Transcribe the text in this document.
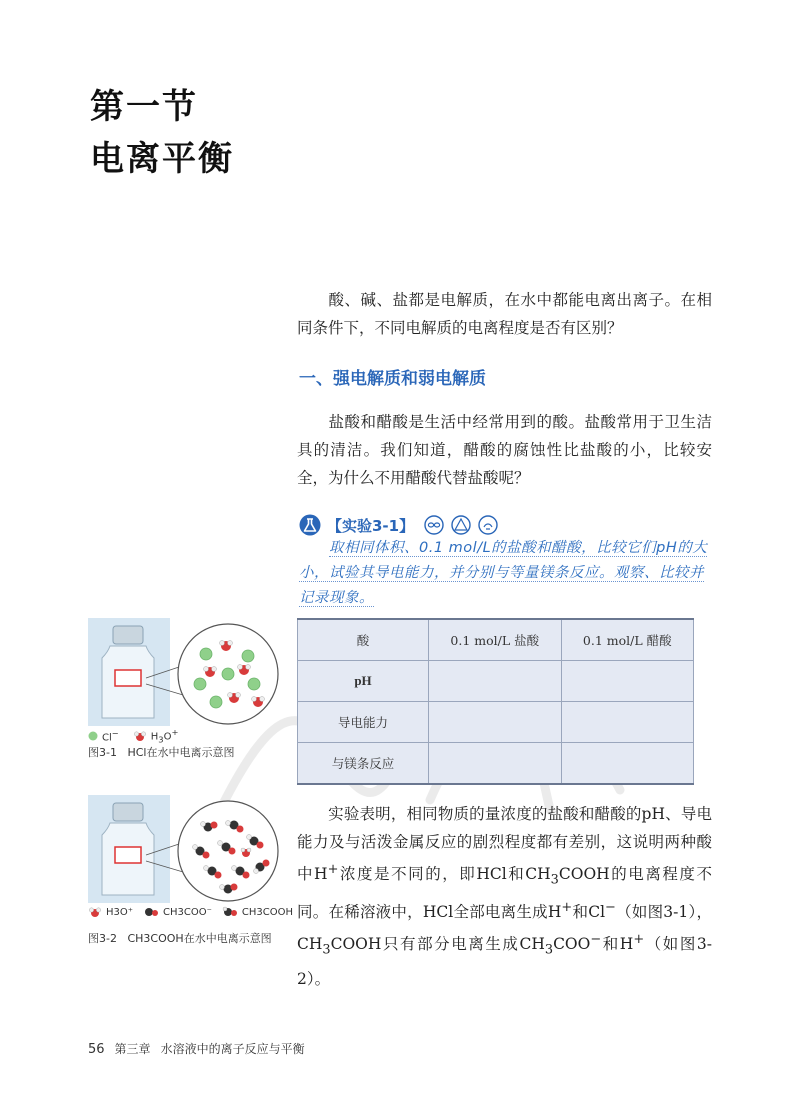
第一节
电离平衡

酸、碱、盐都是电解质，在水中都能电离出离子。在相同条件下，不同电解质的电离程度是否有区别？

一、强电解质和弱电解质

盐酸和醋酸是生活中经常用到的酸。盐酸常用于卫生洁具的清洁。我们知道，醋酸的腐蚀性比盐酸的小，比较安全，为什么不用醋酸代替盐酸呢？

【实验3-1】

取相同体积、0.1 mol/L的盐酸和醋酸，比较它们pH的大小，试验其导电能力，并分别与等量镁条反应。观察、比较并记录现象。

Cl−	$H_3O^+$

图3-1 HCl在水中电离示意图

H3O⁺	CH3COO⁻	CH3COOH

图3-2 CH3COOH在水中电离示意图

酸	0.1 mol/L 盐酸	0.1 mol/L 醋酸
pH		
导电能力		
与镁条反应		

实验表明，相同物质的量浓度的盐酸和醋酸的pH、导电能力及与活泼金属反应的剧烈程度都有差别，这说明两种酸中H+浓度是不同的，即HCl和$CH_3COOH$的电离程度不同。在稀溶液中，HCl全部电离生成H+和Cl−（如图3-1），$CH_3COOH$只有部分电离生成$CH_3COO^-$和H+（如图3-2）。

56 第三章 水溶液中的离子反应与平衡
